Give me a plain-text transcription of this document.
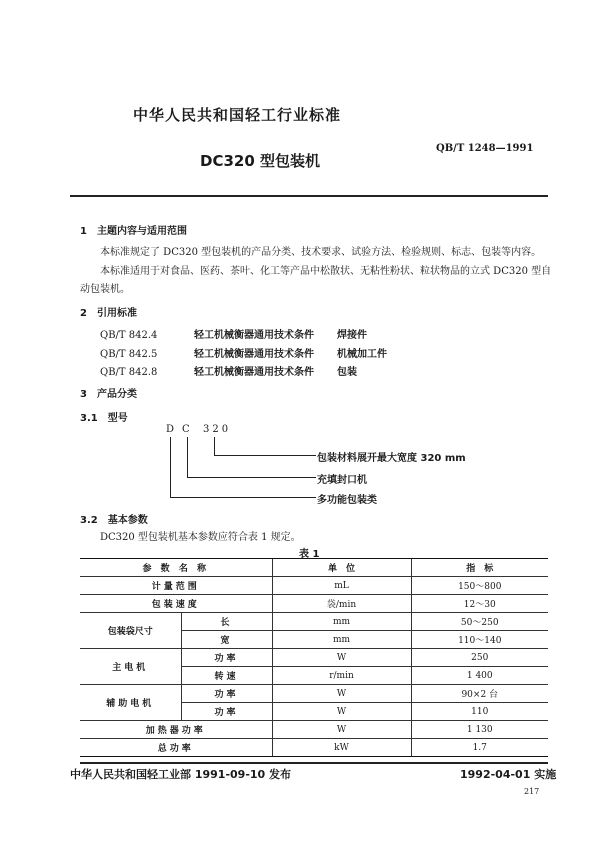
中华人民共和国轻工行业标准
QB/T 1248—1991
DC320 型包装机
1　主题内容与适用范围
本标准规定了 DC320 型包装机的产品分类、技术要求、试验方法、检验规则、标志、包装等内容。
本标准适用于对食品、医药、茶叶、化工等产品中松散状、无粘性粉状、粒状物品的立式 DC320 型自
动包装机。
2　引用标准
QB/T 842.4	轻工机械衡器通用技术条件 焊接件
QB/T 842.5	轻工机械衡器通用技术条件 机械加工件
QB/T 842.8	轻工机械衡器通用技术条件 包装
3　产品分类
3.1　型号
D C 320
包装材料展开最大宽度 320 mm
充填封口机
多功能包装类
3.2　基本参数
DC320 型包装机基本参数应符合表 1 规定。
表 1
参 数 名 称		单　位	指　标
计量范围		mL	150～800
包装速度		袋/min	12～30
包装袋尺寸	长	mm	50～250
	宽	mm	110～140
主电机	功率	W	250
	转速	r/min	1 400
辅助电机	功率	W	90×2 台
	功率	W	110
加热器功率		W	1 130
总功率		kW	1.7
中华人民共和国轻工业部 1991-09-10 发布	1992-04-01 实施
217
